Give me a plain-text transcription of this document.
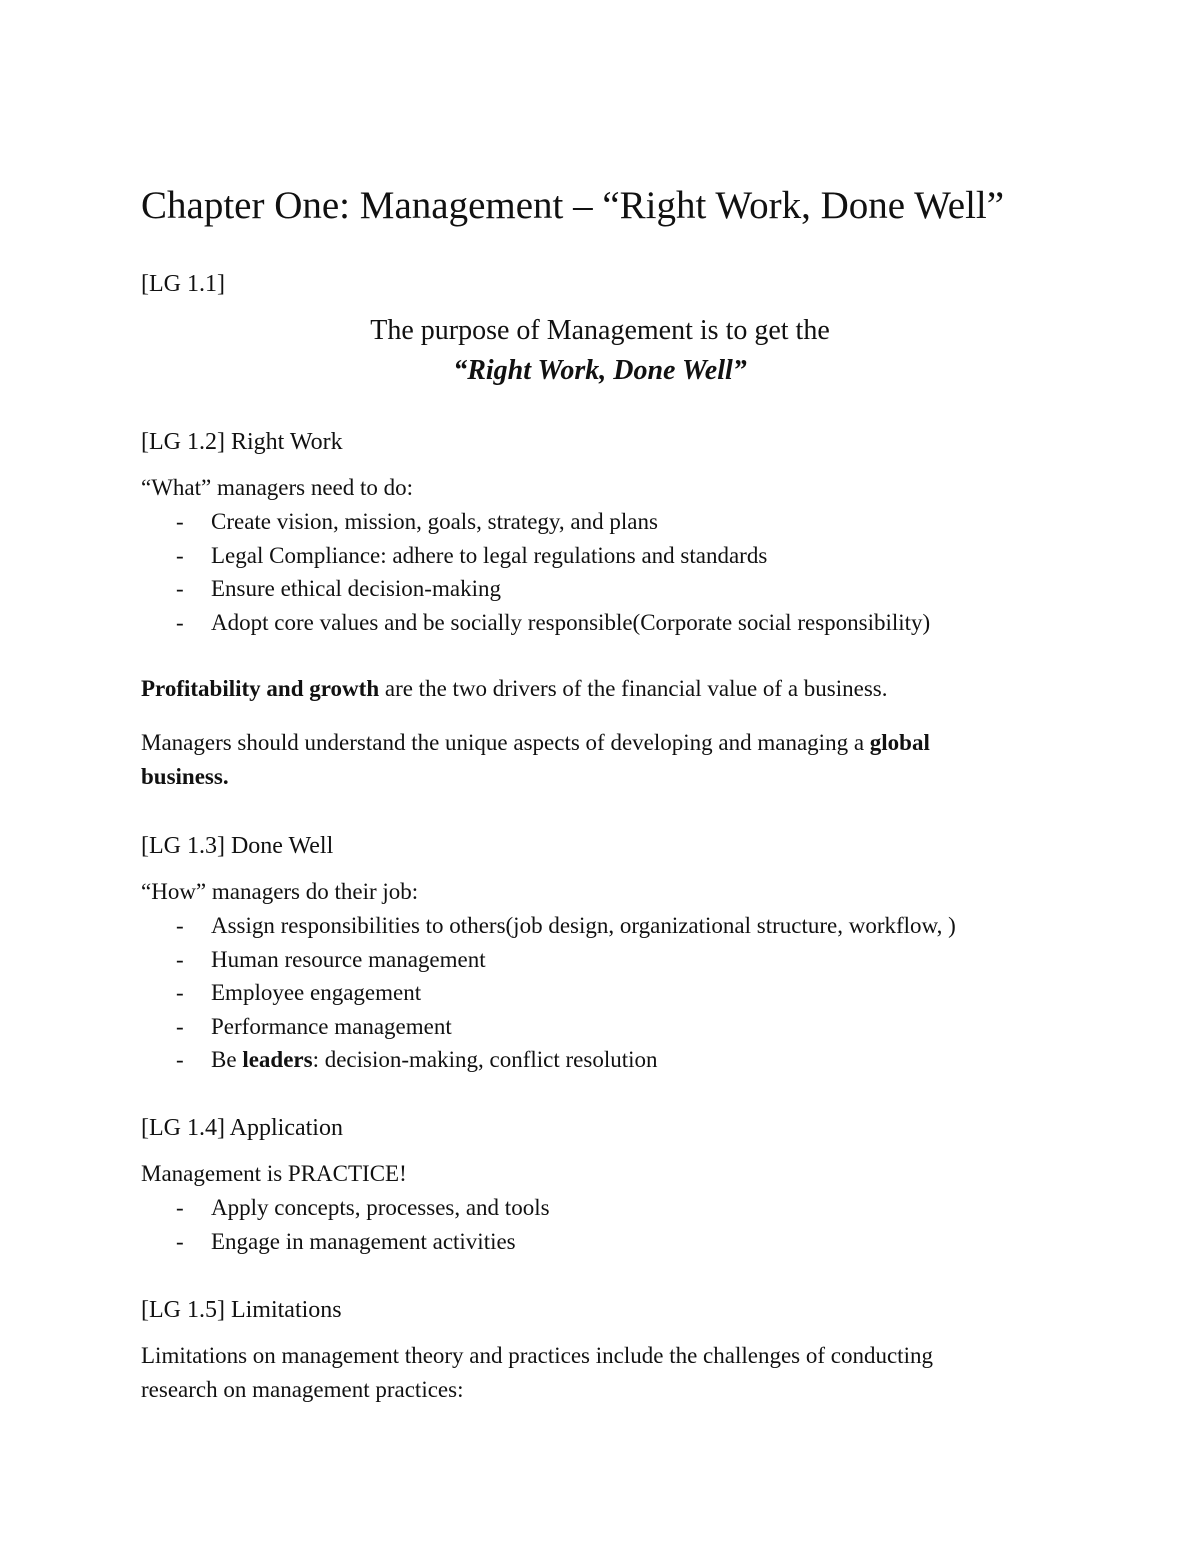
Chapter One: Management – “Right Work, Done Well”
[LG 1.1]
The purpose of Management is to get the
“Right Work, Done Well”
[LG 1.2] Right Work
“What” managers need to do:
- Create vision, mission, goals, strategy, and plans
- Legal Compliance: adhere to legal regulations and standards
- Ensure ethical decision-making
- Adopt core values and be socially responsible(Corporate social responsibility)
Profitability and growth are the two drivers of the financial value of a business.
Managers should understand the unique aspects of developing and managing a global
business.
[LG 1.3] Done Well
“How” managers do their job:
- Assign responsibilities to others(job design, organizational structure, workflow, )
- Human resource management
- Employee engagement
- Performance management
- Be leaders: decision-making, conflict resolution
[LG 1.4] Application
Management is PRACTICE!
- Apply concepts, processes, and tools
- Engage in management activities
[LG 1.5] Limitations
Limitations on management theory and practices include the challenges of conducting
research on management practices:
